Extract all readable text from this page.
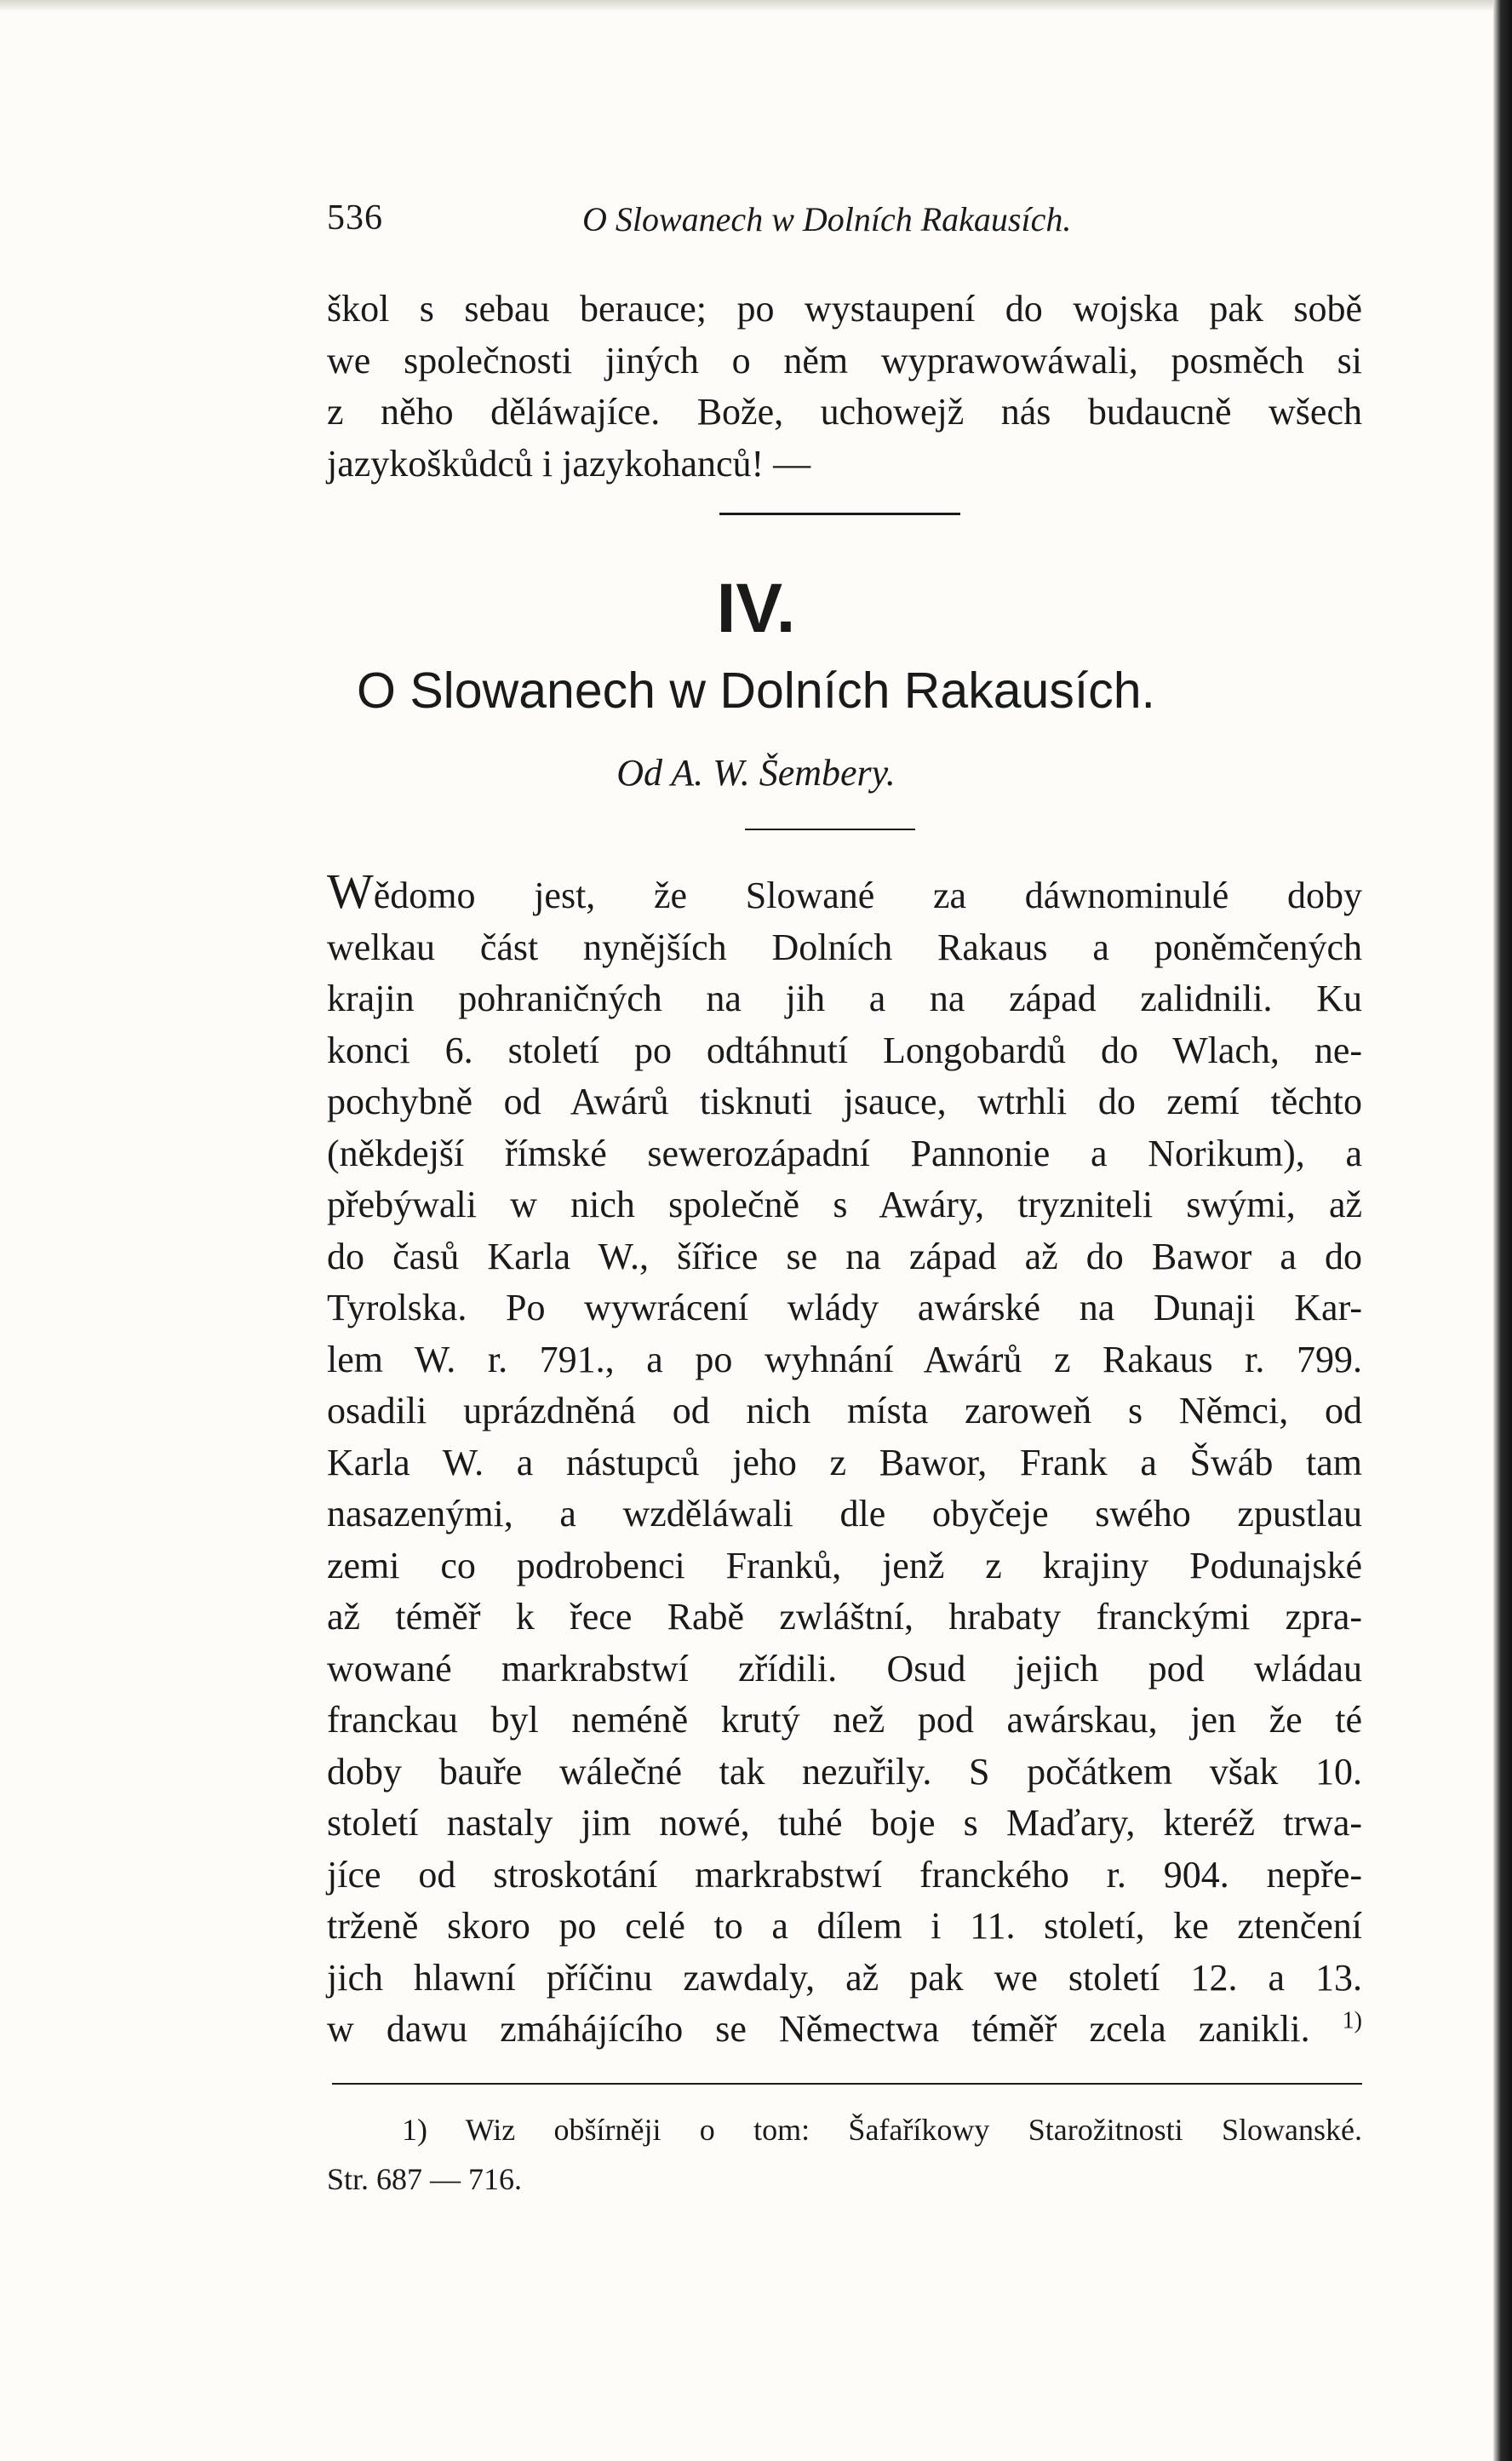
536	O Slowanech w Dolních Rakausích.
škol s sebau berauce; po wystaupení do wojska pak sobě
we společnosti jiných o něm wyprawowáwali, posměch si
z něho děláwajíce. Bože, uchowejž nás budaucně wšech
jazykoškůdců i jazykohanců! —
IV.
O Slowanech w Dolních Rakausích.
Od A. W. Šembery.
Wědomo jest, že Slowané za dáwnominulé doby
welkau část nynějších Dolních Rakaus a poněmčených
krajin pohraničných na jih a na západ zalidnili. Ku
konci 6. století po odtáhnutí Longobardů do Wlach, ne-
pochybně od Awárů tisknuti jsauce, wtrhli do zemí těchto
(někdejší římské sewerozápadní Pannonie a Norikum), a
přebýwali w nich společně s Awáry, tryzniteli swými, až
do časů Karla W., šířice se na západ až do Bawor a do
Tyrolska. Po wywrácení wlády awárské na Dunaji Kar-
lem W. r. 791., a po wyhnání Awárů z Rakaus r. 799.
osadili uprázdněná od nich místa zaroweň s Němci, od
Karla W. a nástupců jeho z Bawor, Frank a Šwáb tam
nasazenými, a wzděláwali dle obyčeje swého zpustlau
zemi co podrobenci Franků, jenž z krajiny Podunajské
až téměř k řece Rabě zwláštní, hrabaty franckými zpra-
wowané markrabstwí zřídili. Osud jejich pod wládau
franckau byl neméně krutý než pod awárskau, jen že té
doby bauře wálečné tak nezuřily. S počátkem však 10.
století nastaly jim nowé, tuhé boje s Maďary, kteréž trwa-
jíce od stroskotání markrabstwí franckého r. 904. nepře-
trženě skoro po celé to a dílem i 11. století, ke ztenčení
jich hlawní příčinu zawdaly, až pak we století 12. a 13.
w dawu zmáhájícího se Němectwa téměř zcela zanikli. $^{1)}$
1) Wiz obšírněji o tom: Šafaříkowy Starožitnosti Slowanské.
Str. 687 — 716.
